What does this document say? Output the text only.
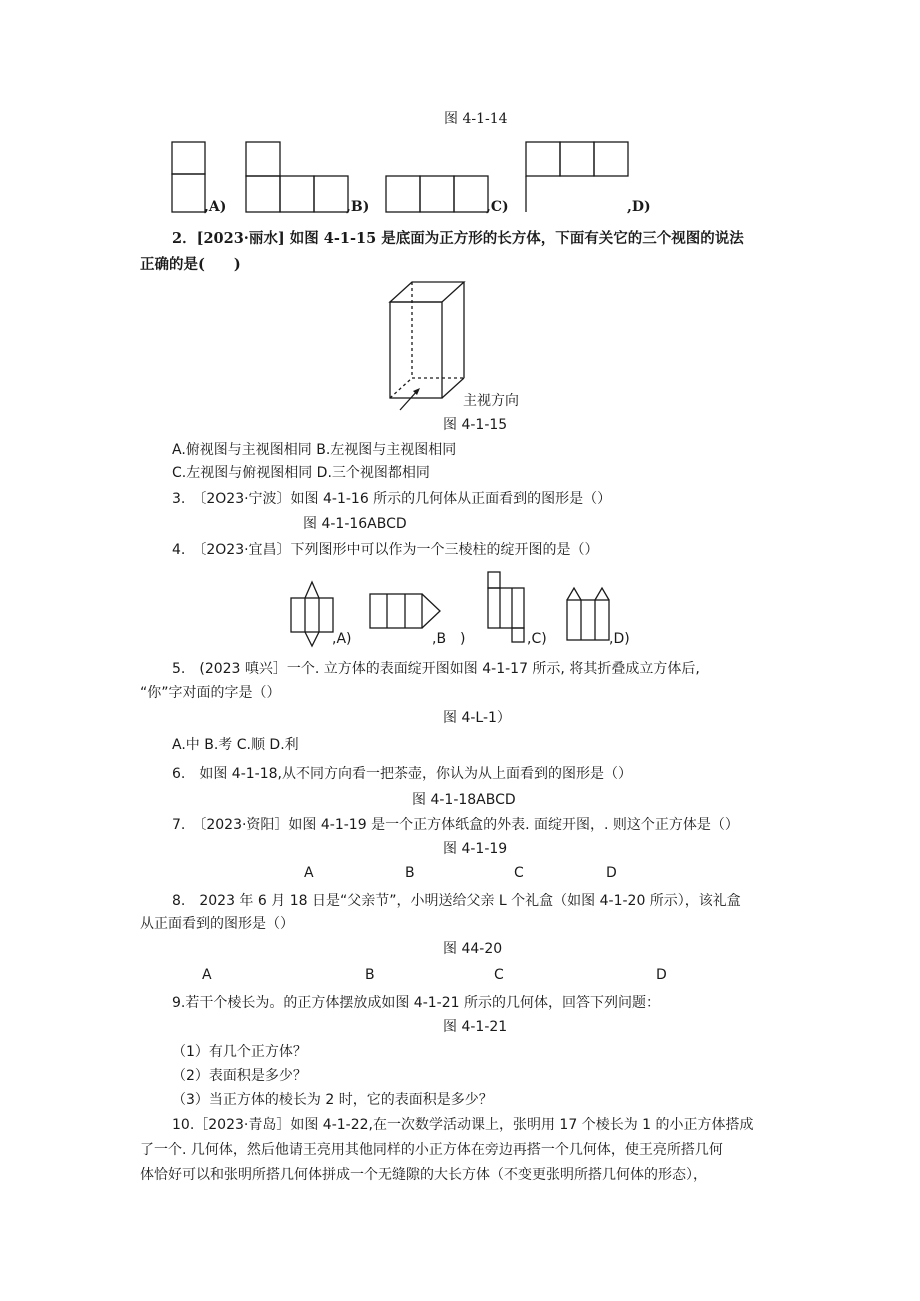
图 4-1-14
,A)	,B)	,C)	,D)
2．[2023·丽水] 如图 4-1-15 是底面为正方形的长方体，下面有关它的三个视图的说法
正确的是(　　)
主视方向
图 4-1-15
A.俯视图与主视图相同 B.左视图与主视图相同
C.左视图与俯视图相同 D.三个视图都相同
3.　〔2O23·宁波〕如图 4-1-16 所示的几何体从正面看到的图形是（）
图 4-1-16ABCD
4.　〔2O23·宜昌〕下列图形中可以作为一个三棱柱的绽开图的是（）
,A)	,B　)	,C)	,D)
5.　(2023 嗔兴］一个. 立方体的表面绽开图如图 4-1-17 所示, 将其折叠成立方体后,
“你”字对面的字是（）
图 4-L-1）
A.中 B.考 C.顺 D.利
6.　如图 4-1-18,从不同方向看一把茶壶，你认为从上面看到的图形是（）
图 4-1-18ABCD
7.　〔2023·资阳］如图 4-1-19 是一个正方体纸盒的外表. 面绽开图，. 则这个正方体是（）
图 4-1-19
A	B	C	D
8.　2023 年 6 月 18 日是“父亲节”，小明送给父亲 L 个礼盒（如图 4-1-20 所示），该礼盒
从正面看到的图形是（）
图 44-20
A	B	C	D
9.若干个棱长为。的正方体摆放成如图 4-1-21 所示的几何体，回答下列问题：
图 4-1-21
（1）有几个正方体？
（2）表面积是多少？
（3）当正方体的棱长为 2 时，它的表面积是多少？
10.［2023·青岛］如图 4-1-22,在一次数学活动课上，张明用 17 个棱长为 1 的小正方体搭成
了一个. 几何体，然后他请王亮用其他同样的小正方体在旁边再搭一个几何体，使王亮所搭几何
体恰好可以和张明所搭几何体拼成一个无缝隙的大长方体（不变更张明所搭几何体的形态），
